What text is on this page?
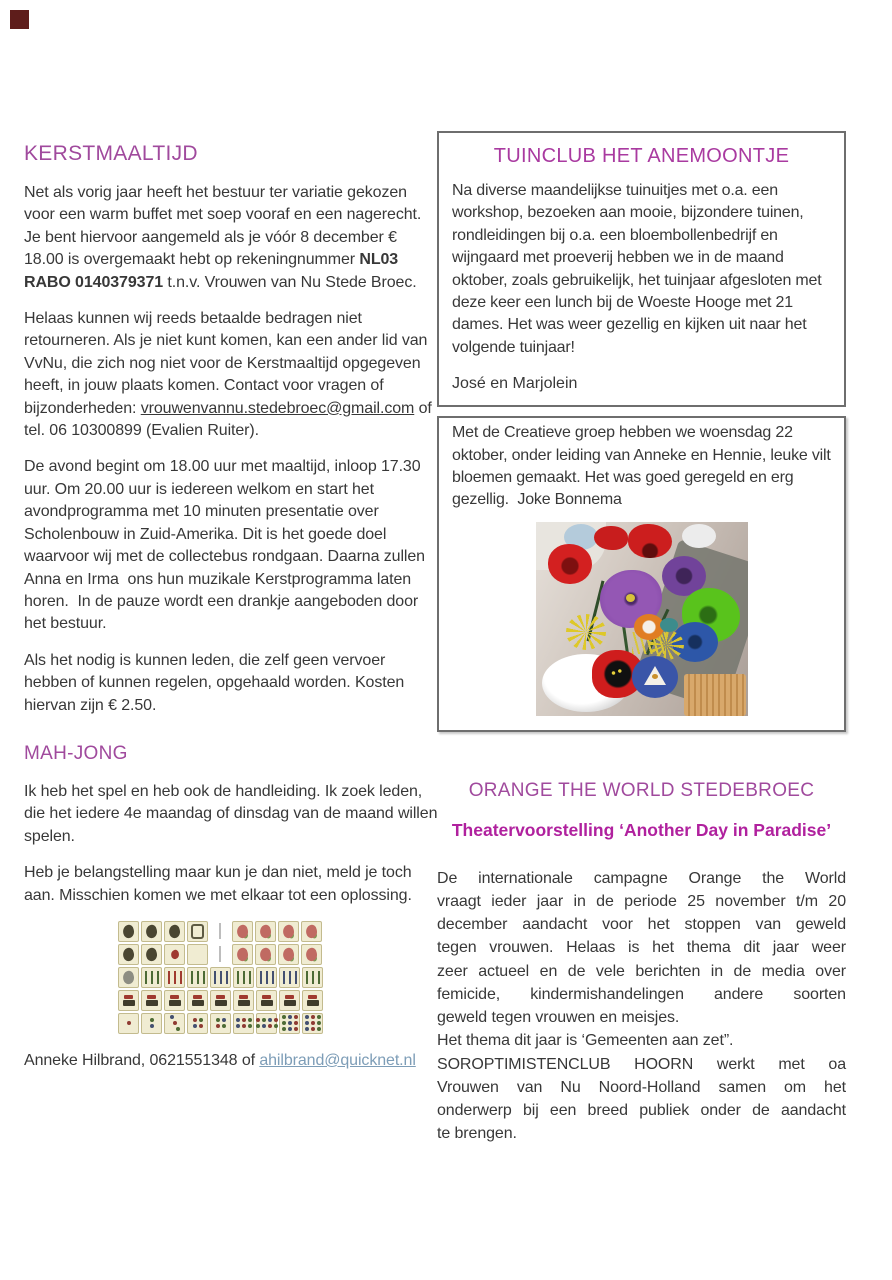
KERSTMAALTIJD

Net als vorig jaar heeft het bestuur ter variatie gekozen voor een warm buffet met soep vooraf en een nagerecht.  Je bent hiervoor aangemeld als je vóór 8 december € 18.00 is overgemaakt hebt op rekeningnummer NL03 RABO 0140379371 t.n.v. Vrouwen van Nu Stede Broec.

Helaas kunnen wij reeds betaalde bedragen niet retourneren. Als je niet kunt komen, kan een ander lid van VvNu, die zich nog niet voor de Kerstmaaltijd opgegeven heeft, in jouw plaats komen. Contact voor vragen of bijzonderheden: vrouwenvannu.stedebroec@gmail.com of tel. 06 10300899 (Evalien Ruiter).

De avond begint om 18.00 uur met maaltijd, inloop 17.30 uur. Om 20.00 uur is iedereen welkom en start het avondprogramma met 10 minuten presentatie over Scholenbouw in Zuid-Amerika. Dit is het goede doel waarvoor wij met de collectebus rondgaan. Daarna zullen Anna en Irma  ons hun muzikale Kerstprogramma laten horen.  In de pauze wordt een drankje aangeboden door het bestuur.

Als het nodig is kunnen leden, die zelf geen vervoer hebben of kunnen regelen, opgehaald worden. Kosten hiervan zijn € 2.50.

MAH-JONG

Ik heb het spel en heb ook de handleiding. Ik zoek leden, die het iedere 4e maandag of dinsdag van de maand willen spelen.

Heb je belangstelling maar kun je dan niet, meld je toch aan. Misschien komen we met elkaar tot een oplossing.

Anneke Hilbrand, 0621551348 of ahilbrand@quicknet.nl

TUINCLUB HET ANEMOONTJE
Na diverse maandelijkse tuinuitjes met o.a. een workshop, bezoeken aan mooie, bijzondere tuinen, rondleidingen bij o.a. een bloembollenbedrijf en wijngaard met proeverij hebben we in de maand oktober, zoals gebruikelijk, het tuinjaar afgesloten met deze keer een lunch bij de Woeste Hooge met 21 dames. Het was weer gezellig en kijken uit naar het volgende tuinjaar!
José en Marjolein
Met de Creatieve groep hebben we woensdag 22 oktober, onder leiding van Anneke en Hennie, leuke vilt bloemen gemaakt. Het was goed geregeld en erg gezellig.  Joke Bonnema
ORANGE THE WORLD STEDEBROEC
Theatervoorstelling ‘Another Day in Paradise’
De internationale campagne Orange the World
vraagt ieder jaar in de periode 25 november t/m 20
december aandacht voor het stoppen van geweld
tegen vrouwen. Helaas is het thema dit jaar weer
zeer actueel en de vele berichten in de media over
femicide, kindermishandelingen andere soorten
geweld tegen vrouwen en meisjes.
Het thema dit jaar is ‘Gemeenten aan zet”.
SOROPTIMISTENCLUB HOORN werkt met oa
Vrouwen van Nu Noord-Holland samen om het
onderwerp bij een breed publiek onder de aandacht
te brengen.
